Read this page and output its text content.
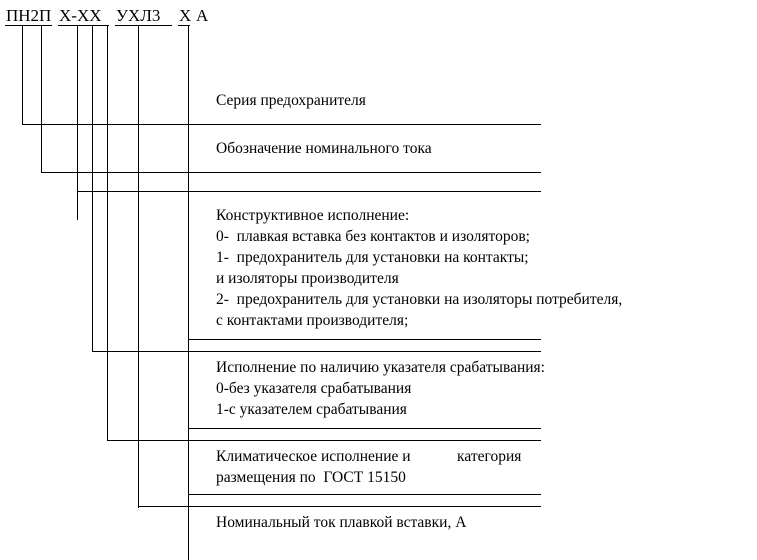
ПН2П Х-ХХ УХЛ3 Х А
Серия предохранителя
Обозначение номинального тока
Конструктивное исполнение:
0-  плавкая вставка без контактов и изоляторов;
1-  предохранитель для установки на контакты;
и изоляторы производителя
2-  предохранитель для установки на изоляторы потребителя,
с контактами производителя;
Исполнение по наличию указателя срабатывания:
0-без указателя срабатывания
1-с указателем срабатывания
Климатическое исполнение и            категория
размещения по  ГОСТ 15150
Номинальный ток плавкой вставки, А
